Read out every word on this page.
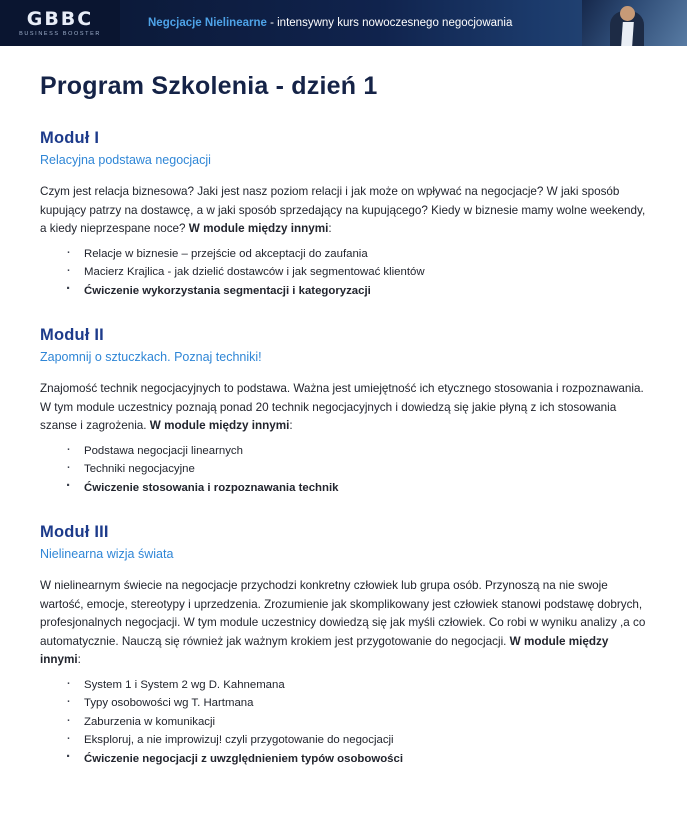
GBBC
BUSINESS BOOSTER
Negcjacje Nielinearne - intensywny kurs nowoczesnego negocjowania
Program Szkolenia - dzień 1
Moduł I
Relacyjna podstawa negocjacji

Czym jest relacja biznesowa? Jaki jest nasz poziom relacji i jak może on wpływać na negocjacje? W jaki sposób kupujący patrzy na dostawcę, a w jaki sposób sprzedający na kupującego? Kiedy w biznesie mamy wolne weekendy, a kiedy nieprzespane noce? W module między innymi:

· Relacje w biznesie – przejście od akceptacji do zaufania
· Macierz Krajlica - jak dzielić dostawców i jak segmentować klientów
· Ćwiczenie wykorzystania segmentacji i kategoryzacji
Moduł II
Zapomnij o sztuczkach. Poznaj techniki!

Znajomość technik negocjacyjnych to podstawa. Ważna jest umiejętność ich etycznego stosowania i rozpoznawania. W tym module uczestnicy poznają ponad 20 technik negocjacyjnych i dowiedzą się jakie płyną z ich stosowania szanse i zagrożenia. W module między innymi:

· Podstawa negocjacji linearnych
· Techniki negocjacyjne
· Ćwiczenie stosowania i rozpoznawania technik
Moduł III
Nielinearna wizja świata

W nielinearnym świecie na negocjacje przychodzi konkretny człowiek lub grupa osób. Przynoszą na nie swoje wartość, emocje, stereotypy i uprzedzenia. Zrozumienie jak skomplikowany jest człowiek stanowi podstawę dobrych, profesjonalnych negocjacji. W tym module uczestnicy dowiedzą się jak myśli człowiek. Co robi w wyniku analizy ,a co automatycznie. Nauczą się również jak ważnym krokiem jest przygotowanie do negocjacji. W module między innymi:

· System 1 i System 2 wg D. Kahnemana
· Typy osobowości wg T. Hartmana
· Zaburzenia w komunikacji
· Eksploruj, a nie improwizuj! czyli przygotowanie do negocjacji
· Ćwiczenie negocjacji z uwzględnieniem typów osobowości
